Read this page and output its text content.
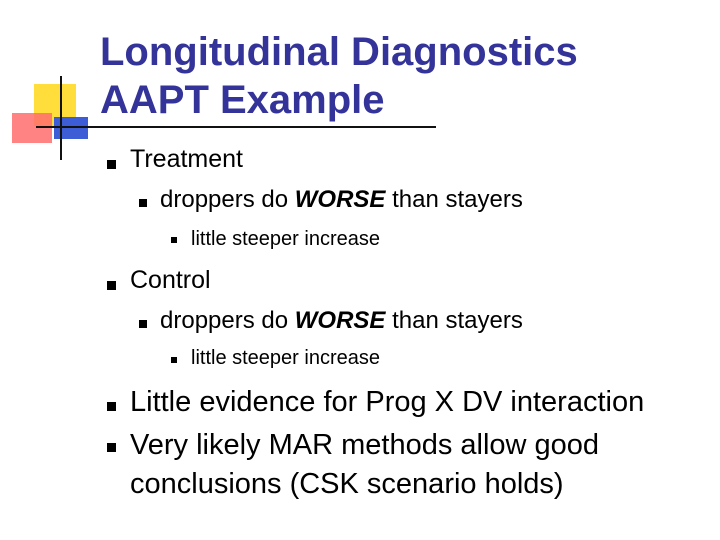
Longitudinal Diagnostics
AAPT Example
Treatment
droppers do WORSE than stayers
little steeper increase
Control
droppers do WORSE than stayers
little steeper increase
Little evidence for Prog X DV interaction
Very likely MAR methods allow good
conclusions (CSK scenario holds)
